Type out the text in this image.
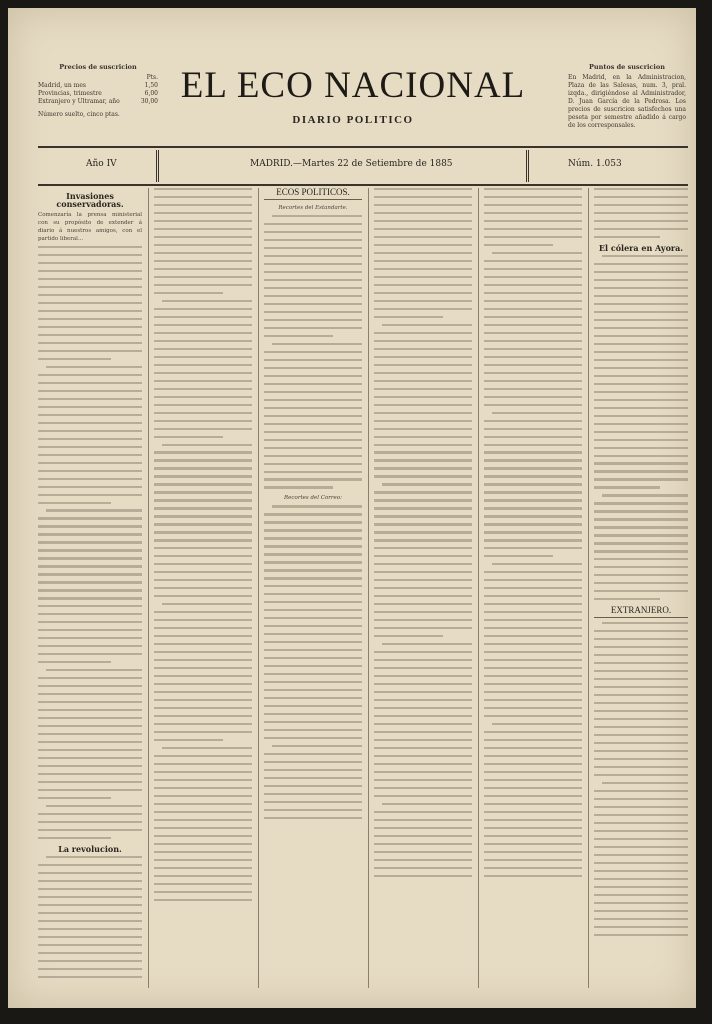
Precios de suscricion
Pts.
Madrid, un mes	1,50
Provincias, trimestre	6,00
Extranjero y Ultramar, año	30,00
Número suelto, cinco ptas.
EL ECO NACIONAL
DIARIO POLITICO
Puntos de suscricion
En Madrid, en la Administracion, Plaza de las Salesas, num. 3, pral. izqda., dirigiéndose al Administrador, D. Juan García de la Pedrosa. Los precios de suscricion satisfechos una peseta por semestre añadido á cargo de los corresponsales.
Año IV	MADRID.—Martes 22 de Setiembre de 1885	Núm. 1.053
Invasiones conservadoras.
Comenzaría la prensa ministerial con su propósito de extender á diario á nuestros amigos, con el partido liberal...
La revolucion.
ECOS POLITICOS.
Recortes del Estandarte.
Recortes del Correo:
El cólera en Ayora.
EXTRANJERO.
